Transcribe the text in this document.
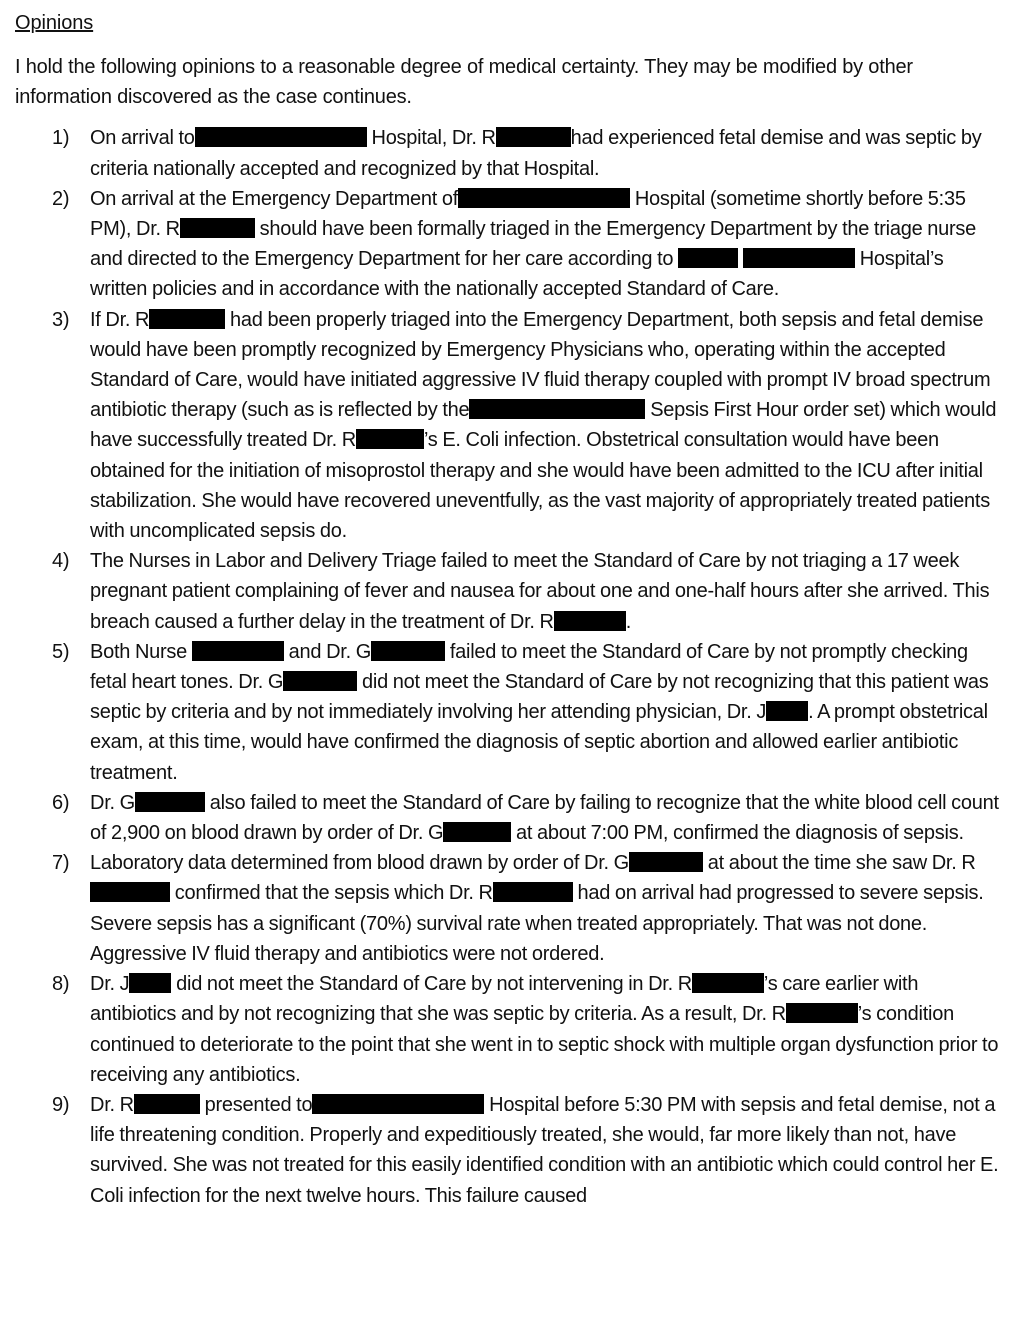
Opinions

I hold the following opinions to a reasonable degree of medical certainty. They may be modified by other information discovered as the case continues.

1) On arrival to	Hospital, Dr. R	had experienced fetal demise and was septic by criteria nationally accepted and recognized by that Hospital.
2) On arrival at the Emergency Department of	Hospital (sometime shortly before 5:35 PM), Dr. R	should have been formally triaged in the Emergency Department by the triage nurse and directed to the Emergency Department for her care according to	Hospital’s written policies and in accordance with the nationally accepted Standard of Care.
3) If Dr. R	had been properly triaged into the Emergency Department, both sepsis and fetal demise would have been promptly recognized by Emergency Physicians who, operating within the accepted Standard of Care, would have initiated aggressive IV fluid therapy coupled with prompt IV broad spectrum antibiotic therapy (such as is reflected by the	Sepsis First Hour order set) which would have successfully treated Dr. R	’s E. Coli infection. Obstetrical consultation would have been obtained for the initiation of misoprostol therapy and she would have been admitted to the ICU after initial stabilization. She would have recovered uneventfully, as the vast majority of appropriately treated patients with uncomplicated sepsis do.
4) The Nurses in Labor and Delivery Triage failed to meet the Standard of Care by not triaging a 17 week pregnant patient complaining of fever and nausea for about one and one-half hours after she arrived. This breach caused a further delay in the treatment of Dr. R	.
5) Both Nurse	and Dr. G	failed to meet the Standard of Care by not promptly checking fetal heart tones. Dr. G	did not meet the Standard of Care by not recognizing that this patient was septic by criteria and by not immediately involving her attending physician, Dr. J . A prompt obstetrical exam, at this time, would have confirmed the diagnosis of septic abortion and allowed earlier antibiotic treatment.
6) Dr. G	also failed to meet the Standard of Care by failing to recognize that the white blood cell count of 2,900 on blood drawn by order of Dr. G	at about 7:00 PM, confirmed the diagnosis of sepsis.
7) Laboratory data determined from blood drawn by order of Dr. G	at about the time she saw Dr. R confirmed that the sepsis which Dr. R	had on arrival had progressed to severe sepsis. Severe sepsis has a significant (70%) survival rate when treated appropriately. That was not done. Aggressive IV fluid therapy and antibiotics were not ordered.
8) Dr. J did not meet the Standard of Care by not intervening in Dr. R	’s care earlier with antibiotics and by not recognizing that she was septic by criteria. As a result, Dr. R	’s condition continued to deteriorate to the point that she went in to septic shock with multiple organ dysfunction prior to receiving any antibiotics.
9) Dr. R	presented to	Hospital before 5:30 PM with sepsis and fetal demise, not a life threatening condition. Properly and expeditiously treated, she would, far more likely than not, have survived. She was not treated for this easily identified condition with an antibiotic which could control her E. Coli infection for the next twelve hours. This failure caused
